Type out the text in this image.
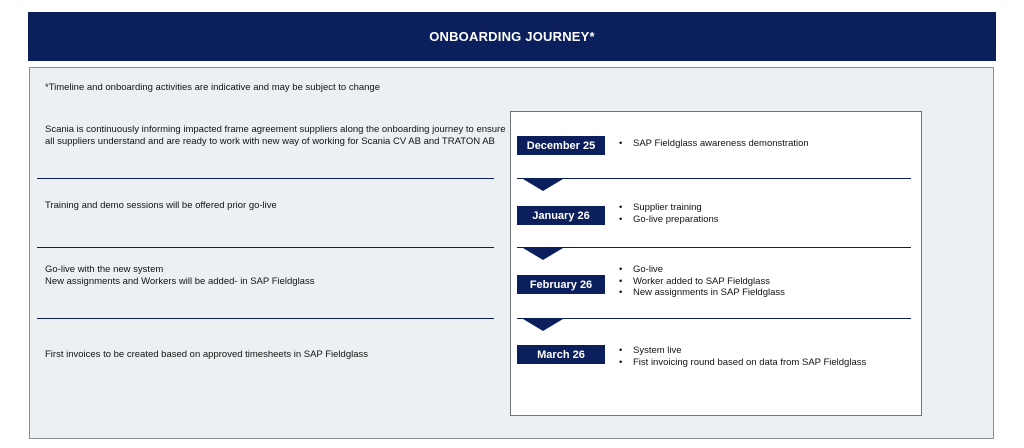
ONBOARDING JOURNEY*
*Timeline and onboarding activities are indicative and may be subject to change
Scania is continuously informing impacted frame agreement suppliers along the onboarding journey to ensure all suppliers understand and are ready to work with new way of working for Scania CV AB and TRATON AB
Training and demo sessions will be offered prior go-live
Go-live with the new system
New assignments and Workers will be added- in SAP Fieldglass
First invoices to be created based on approved timesheets in SAP Fieldglass
December 25	• SAP Fieldglass awareness demonstration
January 26
• Supplier training
• Go-live preparations
February 26
• Go-live
• Worker added to SAP Fieldglass
• New assignments in SAP Fieldglass
March 26	• System live
• Fist invoicing round based on data from SAP Fieldglass
